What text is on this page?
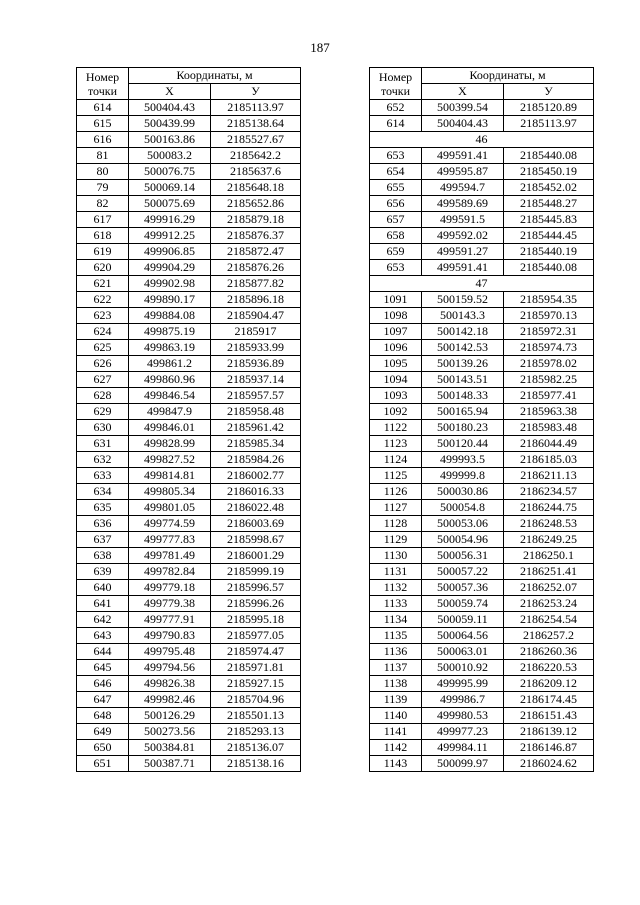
187
Номер
точки	Координаты, м	
	X	У
614	500404.43	2185113.97
615	500439.99	2185138.64
616	500163.86	2185527.67
81	500083.2	2185642.2
80	500076.75	2185637.6
79	500069.14	2185648.18
82	500075.69	2185652.86
617	499916.29	2185879.18
618	499912.25	2185876.37
619	499906.85	2185872.47
620	499904.29	2185876.26
621	499902.98	2185877.82
622	499890.17	2185896.18
623	499884.08	2185904.47
624	499875.19	2185917
625	499863.19	2185933.99
626	499861.2	2185936.89
627	499860.96	2185937.14
628	499846.54	2185957.57
629	499847.9	2185958.48
630	499846.01	2185961.42
631	499828.99	2185985.34
632	499827.52	2185984.26
633	499814.81	2186002.77
634	499805.34	2186016.33
635	499801.05	2186022.48
636	499774.59	2186003.69
637	499777.83	2185998.67
638	499781.49	2186001.29
639	499782.84	2185999.19
640	499779.18	2185996.57
641	499779.38	2185996.26
642	499777.91	2185995.18
643	499790.83	2185977.05
644	499795.48	2185974.47
645	499794.56	2185971.81
646	499826.38	2185927.15
647	499982.46	2185704.96
648	500126.29	2185501.13
649	500273.56	2185293.13
650	500384.81	2185136.07
651	500387.71	2185138.16
Номер
точки	Координаты, м	
	X	У
652	500399.54	2185120.89
614	500404.43	2185113.97
46		
653	499591.41	2185440.08
654	499595.87	2185450.19
655	499594.7	2185452.02
656	499589.69	2185448.27
657	499591.5	2185445.83
658	499592.02	2185444.45
659	499591.27	2185440.19
653	499591.41	2185440.08
47		
1091	500159.52	2185954.35
1098	500143.3	2185970.13
1097	500142.18	2185972.31
1096	500142.53	2185974.73
1095	500139.26	2185978.02
1094	500143.51	2185982.25
1093	500148.33	2185977.41
1092	500165.94	2185963.38
1122	500180.23	2185983.48
1123	500120.44	2186044.49
1124	499993.5	2186185.03
1125	499999.8	2186211.13
1126	500030.86	2186234.57
1127	500054.8	2186244.75
1128	500053.06	2186248.53
1129	500054.96	2186249.25
1130	500056.31	2186250.1
1131	500057.22	2186251.41
1132	500057.36	2186252.07
1133	500059.74	2186253.24
1134	500059.11	2186254.54
1135	500064.56	2186257.2
1136	500063.01	2186260.36
1137	500010.92	2186220.53
1138	499995.99	2186209.12
1139	499986.7	2186174.45
1140	499980.53	2186151.43
1141	499977.23	2186139.12
1142	499984.11	2186146.87
1143	500099.97	2186024.62
